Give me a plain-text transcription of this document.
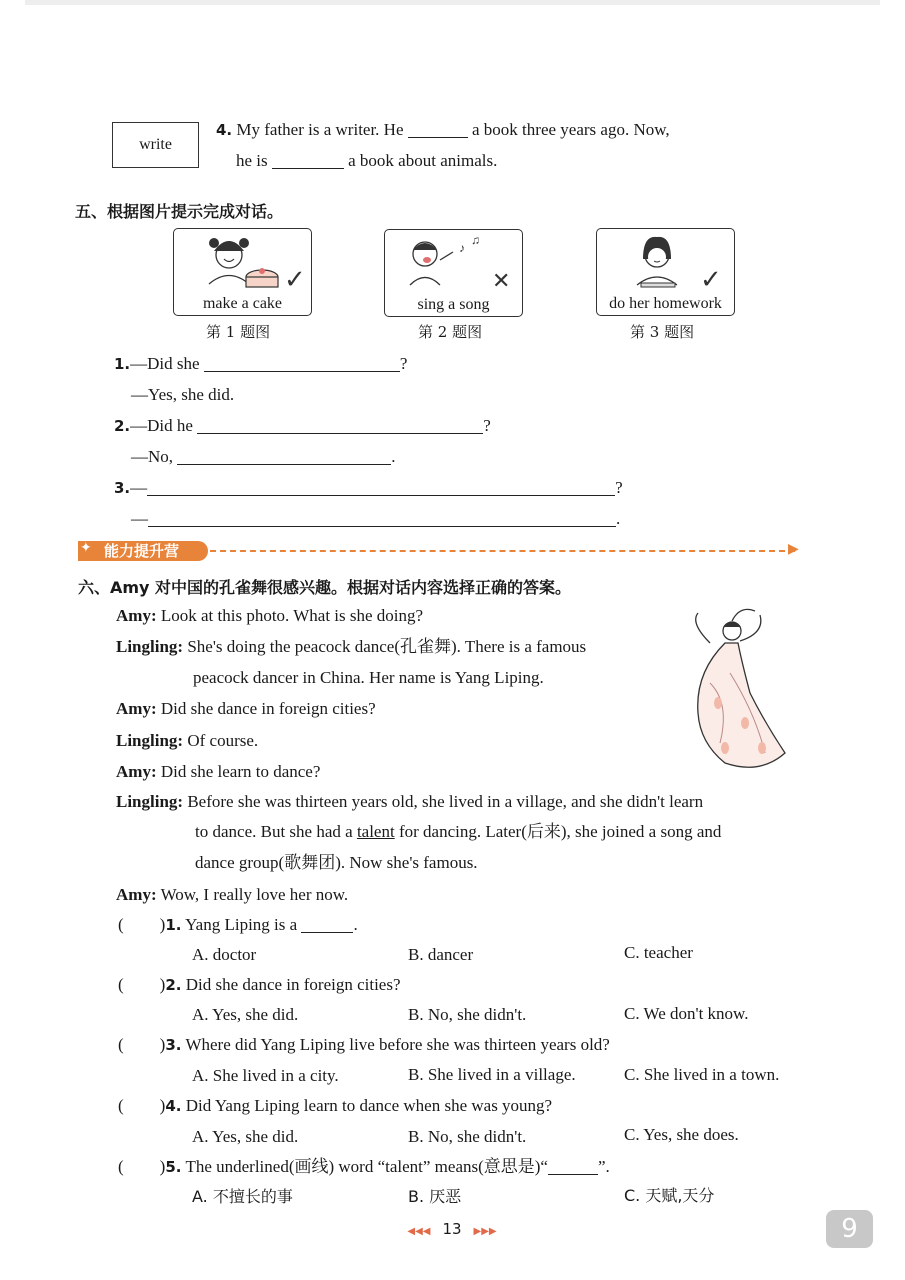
write
4. My father is a writer. He	a book three years ago. Now,
he is	a book about animals.
五、根据图片提示完成对话。
✓
make a cake
第 1 题图
♪
♫
✕
sing a song
第 2 题图
✓
do her homework
第 3 题图
1.—Did she	?
—Yes, she did.
2.—Did he	?
—No,	.
3.—	?
—	.
✦ 能力提升营	▶
六、Amy 对中国的孔雀舞很感兴趣。根据对话内容选择正确的答案。
Amy: Look at this photo. What is she doing?
Lingling: She's doing the peacock dance(孔雀舞). There is a famous
peacock dancer in China. Her name is Yang Liping.
Amy: Did she dance in foreign cities?
Lingling: Of course.
Amy: Did she learn to dance?
Lingling: Before she was thirteen years old, she lived in a village, and she didn't learn
to dance. But she had a talent for dancing. Later(后来), she joined a song and
dance group(歌舞团). Now she's famous.
Amy: Wow, I really love her now.
( )1. Yang Liping is a	.
A. doctor	B. dancer	C. teacher
( )2. Did she dance in foreign cities?
A. Yes, she did.	B. No, she didn't.	C. We don't know.
( )3. Where did Yang Liping live before she was thirteen years old?
A. She lived in a city.	B. She lived in a village.	C. She lived in a town.
( )4. Did Yang Liping learn to dance when she was young?
A. Yes, she did.	B. No, she didn't.	C. Yes, she does.
( )5. The underlined(画线) word “talent” means(意思是)“	”.
A. 不擅长的事	B. 厌恶	C. 天赋,天分
◀◀◀ 13 ▶▶▶	9
